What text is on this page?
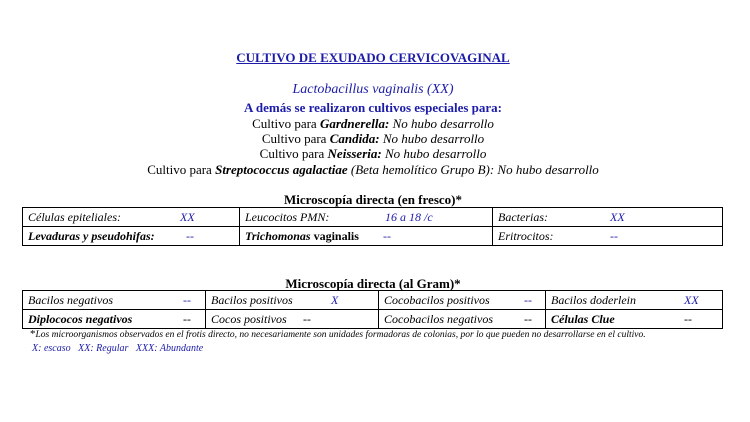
CULTIVO DE EXUDADO CERVICOVAGINAL
Lactobacillus vaginalis (XX)
A demás se realizaron cultivos especiales para:
Cultivo para Gardnerella: No hubo desarrollo
Cultivo para Candida: No hubo desarrollo
Cultivo para Neisseria: No hubo desarrollo
Cultivo para Streptococcus agalactiae (Beta hemolítico Grupo B): No hubo desarrollo
Microscopía directa (en fresco)*
Células epiteliales: XX	Leucocitos PMN: 16 a 18 /c	Bacterias: XX
Levaduras y pseudohifas: --	Trichomonas vaginalis --	Eritrocitos: --
Microscopía directa (al Gram)*
Bacilos negativos --	Bacilos positivos X	Cocobacilos positivos --	Bacilos doderlein XX
Diplococos negativos --	Cocos positivos --	Cocobacilos negativos --	Células Clue --
*Los microorganismos observados en el frotis directo, no necesariamente son unidades formadoras de colonias, por lo que pueden no desarrollarse en el cultivo.
X: escaso   XX: Regular   XXX: Abundante
